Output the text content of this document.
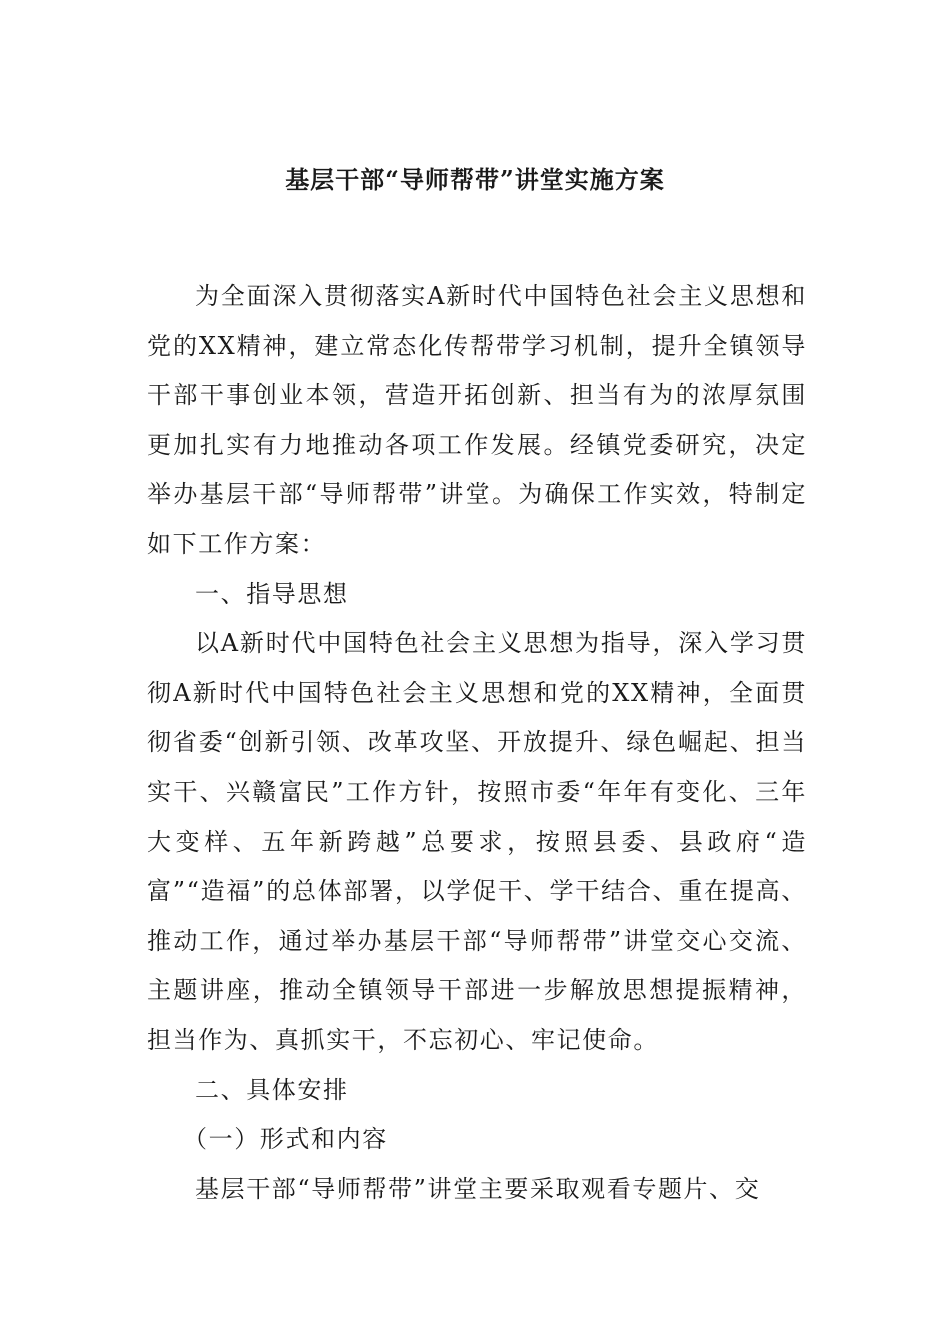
基层干部“导师帮带”讲堂实施方案

为全面深入贯彻落实A新时代中国特色社会主义思想和党的XX精神，建立常态化传帮带学习机制，提升全镇领导干部干事创业本领，营造开拓创新、担当有为的浓厚氛围更加扎实有力地推动各项工作发展。经镇党委研究，决定举办基层干部“导师帮带”讲堂。为确保工作实效，特制定如下工作方案：

一、指导思想

以A新时代中国特色社会主义思想为指导，深入学习贯彻A新时代中国特色社会主义思想和党的XX精神，全面贯彻省委“创新引领、改革攻坚、开放提升、绿色崛起、担当实干、兴赣富民”工作方针，按照市委“年年有变化、三年大变样、五年新跨越”总要求，按照县委、县政府“造富”“造福”的总体部署，以学促干、学干结合、重在提高、推动工作，通过举办基层干部“导师帮带”讲堂交心交流、主题讲座，推动全镇领导干部进一步解放思想提振精神，担当作为、真抓实干，不忘初心、牢记使命。

二、具体安排

（一）形式和内容

基层干部“导师帮带”讲堂主要采取观看专题片、交
